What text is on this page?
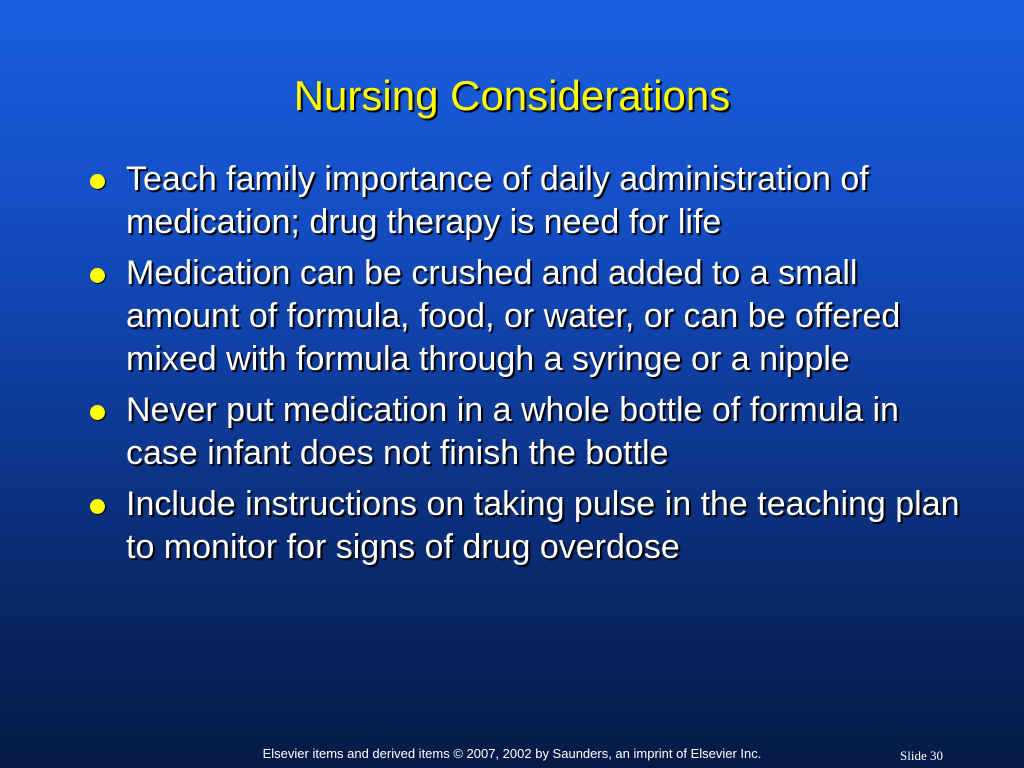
Nursing Considerations
Teach family importance of daily administration of medication; drug therapy is need for life
Medication can be crushed and added to a small amount of formula, food, or water, or can be offered mixed with formula through a syringe or a nipple
Never put medication in a whole bottle of formula in case infant does not finish the bottle
Include instructions on taking pulse in the teaching plan to monitor for signs of drug overdose
Elsevier items and derived items © 2007, 2002 by Saunders, an imprint of Elsevier Inc.	Slide 30
